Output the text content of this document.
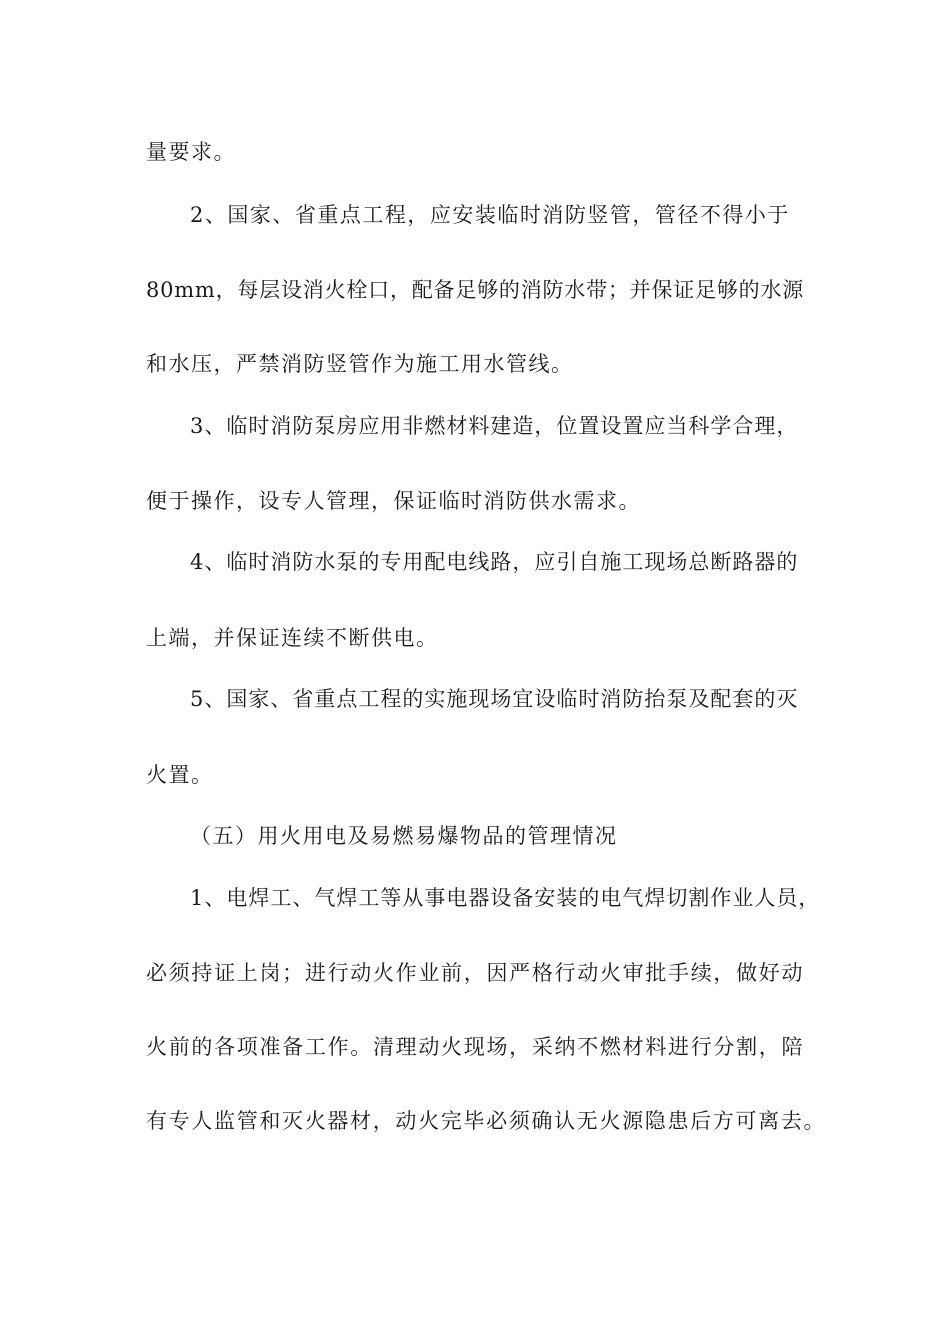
量要求。
2、国家、省重点工程，应安装临时消防竖管，管径不得小于
80mm，每层设消火栓口，配备足够的消防水带；并保证足够的水源
和水压，严禁消防竖管作为施工用水管线。
3、临时消防泵房应用非燃材料建造，位置设置应当科学合理，
便于操作，设专人管理，保证临时消防供水需求。
4、临时消防水泵的专用配电线路，应引自施工现场总断路器的
上端，并保证连续不断供电。
5、国家、省重点工程的实施现场宜设临时消防抬泵及配套的灭
火置。
（五）用火用电及易燃易爆物品的管理情况
1、电焊工、气焊工等从事电器设备安装的电气焊切割作业人员，
必须持证上岗；进行动火作业前，因严格行动火审批手续，做好动
火前的各项准备工作。清理动火现场，采纳不燃材料进行分割，陪
有专人监管和灭火器材，动火完毕必须确认无火源隐患后方可离去。
